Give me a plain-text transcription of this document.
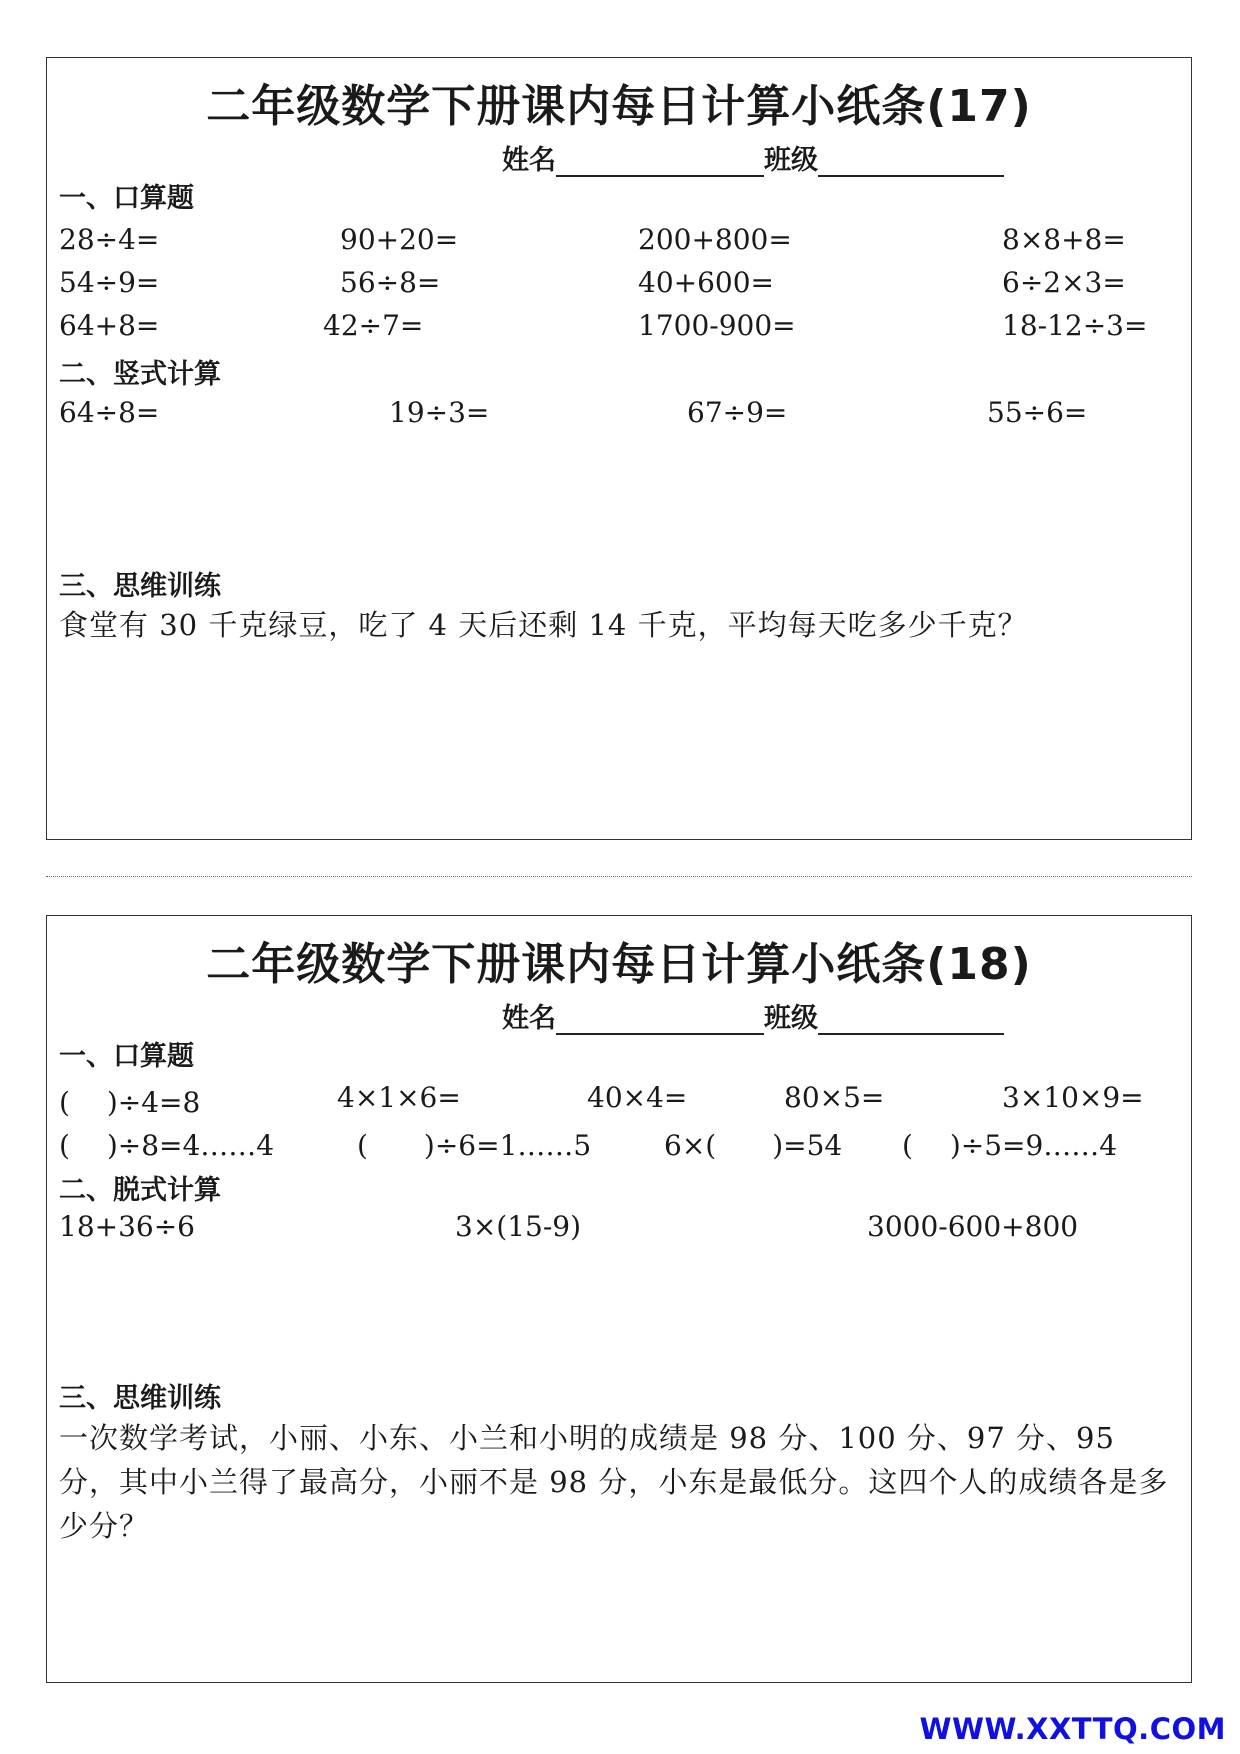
二年级数学下册课内每日计算小纸条(17)
姓名	班级
一、口算题
28÷4=	90+20=	200+800=	8×8+8=
54÷9=	56÷8=	40+600=	6÷2×3=
64+8=	42÷7=	1700-900=	18-12÷3=
二、竖式计算
64÷8=	19÷3=	67÷9=	55÷6=
三、思维训练
食堂有 30 千克绿豆，吃了 4 天后还剩 14 千克，平均每天吃多少千克？
二年级数学下册课内每日计算小纸条(18)
姓名	班级
一、口算题
(　 )÷4=8	4×1×6=	40×4=	80×5=	3×10×9=
(　 )÷8=4……4	(　　)÷6=1……5	6×(　　)=54 (　 )÷5=9……4
二、脱式计算
18+36÷6	3×(15-9)	3000-600+800
三、思维训练
一次数学考试，小丽、小东、小兰和小明的成绩是 98 分、100 分、97 分、95 分，其中小兰得了最高分，小丽不是 98 分，小东是最低分。这四个人的成绩各是多少分？
WWW.XXTTQ.COM
